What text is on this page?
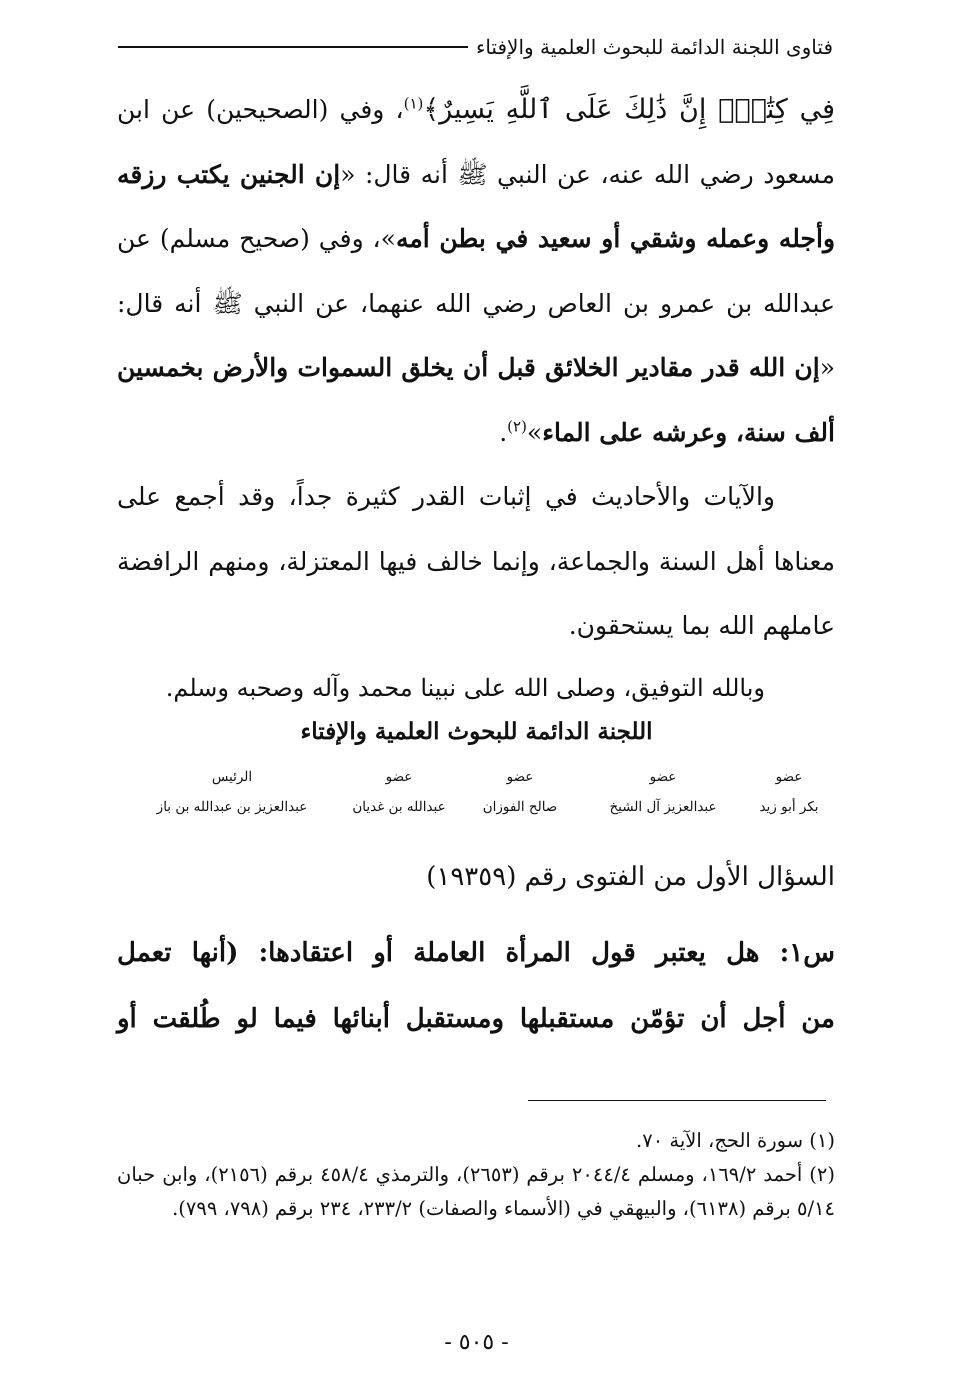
فتاوى اللجنة الدائمة للبحوث العلمية والإفتاء

فِي كِتَٰبٍۚ إِنَّ ذَٰلِكَ عَلَى ٱللَّهِ يَسِيرٌ﴾$^{(١)}$، وفي (الصحيحين) عن ابن مسعود رضي الله عنه، عن النبي ﷺ أنه قال: «إن الجنين يكتب رزقه وأجله وعمله وشقي أو سعيد في بطن أمه»، وفي (صحيح مسلم) عن عبدالله بن عمرو بن العاص رضي الله عنهما، عن النبي ﷺ أنه قال: «إن الله قدر مقادير الخلائق قبل أن يخلق السموات والأرض بخمسين ألف سنة، وعرشه على الماء»$^{(٢)}$.

والآيات والأحاديث في إثبات القدر كثيرة جداً، وقد أجمع على معناها أهل السنة والجماعة، وإنما خالف فيها المعتزلة، ومنهم الرافضة عاملهم الله بما يستحقون.

وبالله التوفيق، وصلى الله على نبينا محمد وآله وصحبه وسلم.
اللجنة الدائمة للبحوث العلمية والإفتاء
الرئيس
عبدالعزيز بن عبدالله بن باز
عضو
عبدالله بن غديان
عضو
صالح الفوزان
عضو
عبدالعزيز آل الشيخ
عضو
بكر أبو زيد
السؤال الأول من الفتوى رقم (١٩٣٥٩)

س١: هل يعتبر قول المرأة العاملة أو اعتقادها: (أنها تعمل

من أجل أن تؤمّن مستقبلها ومستقبل أبنائها فيما لو طُلقت أو

(١) سورة الحج، الآية ٧٠.

(٢) أحمد ١٦٩/٢، ومسلم ٢٠٤٤/٤ برقم (٢٦٥٣)، والترمذي ٤٥٨/٤ برقم (٢١٥٦)، وابن حبان ٥/١٤ برقم (٦١٣٨)، والبيهقي في (الأسماء والصفات) ٢٣٣/٢، ٢٣٤ برقم (٧٩٨، ٧٩٩).

- ٥٠٥ -
